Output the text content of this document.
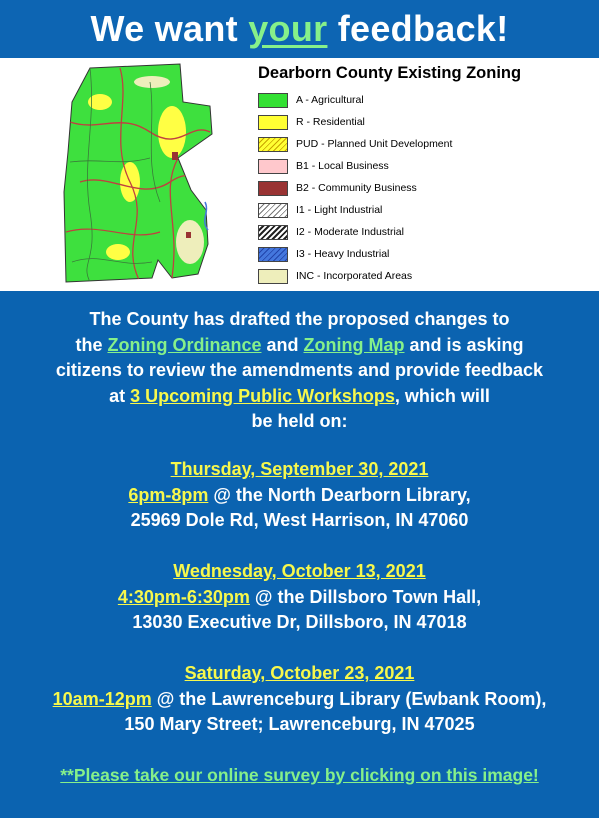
We want your feedback!
Dearborn County Existing Zoning
A - Agricultural
R - Residential
PUD - Planned Unit Development
B1 - Local Business
B2 - Community Business
I1 - Light Industrial
I2 - Moderate Industrial
I3 - Heavy Industrial
INC - Incorporated Areas
The County has drafted the proposed changes to
the Zoning Ordinance and Zoning Map and is asking
citizens to review the amendments and provide feedback
at 3 Upcoming Public Workshops, which will
be held on:
Thursday, September 30, 2021
6pm-8pm @ the North Dearborn Library,
25969 Dole Rd, West Harrison, IN 47060
Wednesday, October 13, 2021
4:30pm-6:30pm @ the Dillsboro Town Hall,
13030 Executive Dr, Dillsboro, IN 47018
Saturday, October 23, 2021
10am-12pm @ the Lawrenceburg Library (Ewbank Room),
150 Mary Street; Lawrenceburg, IN 47025
**Please take our online survey by clicking on this image!
